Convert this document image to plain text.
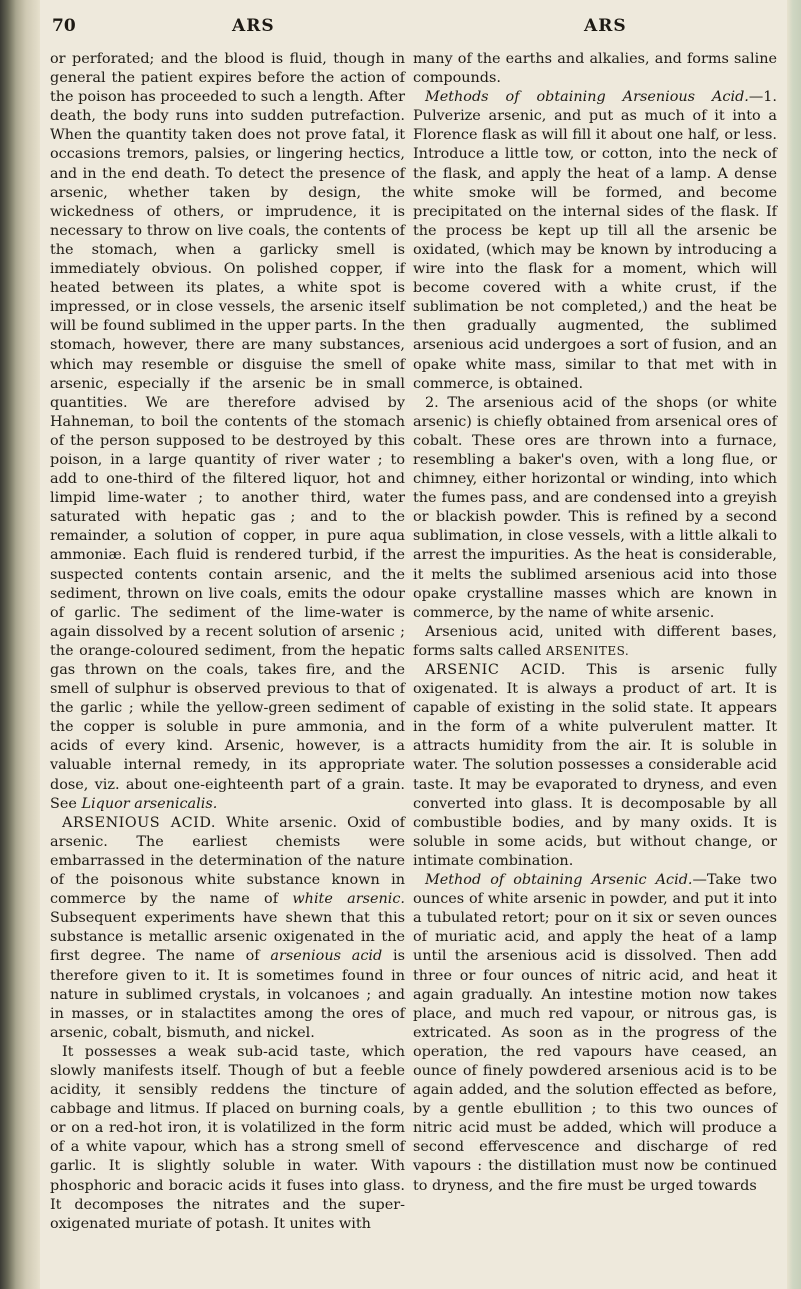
70	ARS	ARS

or perforated; and the blood is fluid, though in general the patient expires before the action of the poison has proceeded to such a length. After death, the body runs into sudden putrefaction. When the quantity taken does not prove fatal, it occasions tremors, palsies, or lingering hectics, and in the end death. To detect the presence of arsenic, whether taken by design, the wickedness of others, or imprudence, it is necessary to throw on live coals, the contents of the stomach, when a garlicky smell is immediately obvious. On polished copper, if heated between its plates, a white spot is impressed, or in close vessels, the arsenic itself will be found sublimed in the upper parts. In the stomach, however, there are many substances, which may resemble or disguise the smell of arsenic, especially if the arsenic be in small quantities. We are therefore advised by Hahneman, to boil the contents of the stomach of the person supposed to be destroyed by this poison, in a large quantity of river water ; to add to one-third of the filtered liquor, hot and limpid lime-water ; to another third, water saturated with hepatic gas ; and to the remainder, a solution of copper, in pure aqua ammoniæ. Each fluid is rendered turbid, if the suspected contents contain arsenic, and the sediment, thrown on live coals, emits the odour of garlic. The sediment of the lime-water is again dissolved by a recent solution of arsenic ; the orange-coloured sediment, from the hepatic gas thrown on the coals, takes fire, and the smell of sulphur is observed previous to that of the garlic ; while the yellow-green sediment of the copper is soluble in pure ammonia, and acids of every kind. Arsenic, however, is a valuable internal remedy, in its appropriate dose, viz. about one-eighteenth part of a grain. See Liquor arsenicalis.

ARSENIOUS ACID. White arsenic. Oxid of arsenic. The earliest chemists were embarrassed in the determination of the nature of the poisonous white substance known in commerce by the name of white arsenic. Subsequent experiments have shewn that this substance is metallic arsenic oxigenated in the first degree. The name of arsenious acid is therefore given to it. It is sometimes found in nature in sublimed crystals, in volcanoes ; and in masses, or in stalactites among the ores of arsenic, cobalt, bismuth, and nickel.

It possesses a weak sub-acid taste, which slowly manifests itself. Though of but a feeble acidity, it sensibly reddens the tincture of cabbage and litmus. If placed on burning coals, or on a red-hot iron, it is volatilized in the form of a white vapour, which has a strong smell of garlic. It is slightly soluble in water. With phosphoric and boracic acids it fuses into glass. It decomposes the nitrates and the super-oxigenated muriate of potash. It unites with

many of the earths and alkalies, and forms saline compounds.

Methods of obtaining Arsenious Acid.—1. Pulverize arsenic, and put as much of it into a Florence flask as will fill it about one half, or less. Introduce a little tow, or cotton, into the neck of the flask, and apply the heat of a lamp. A dense white smoke will be formed, and become precipitated on the internal sides of the flask. If the process be kept up till all the arsenic be oxidated, (which may be known by introducing a wire into the flask for a moment, which will become covered with a white crust, if the sublimation be not completed,) and the heat be then gradually augmented, the sublimed arsenious acid undergoes a sort of fusion, and an opake white mass, similar to that met with in commerce, is obtained.

2. The arsenious acid of the shops (or white arsenic) is chiefly obtained from arsenical ores of cobalt. These ores are thrown into a furnace, resembling a baker's oven, with a long flue, or chimney, either horizontal or winding, into which the fumes pass, and are condensed into a greyish or blackish powder. This is refined by a second sublimation, in close vessels, with a little alkali to arrest the impurities. As the heat is considerable, it melts the sublimed arsenious acid into those opake crystalline masses which are known in commerce, by the name of white arsenic.

Arsenious acid, united with different bases, forms salts called ARSENITES.

ARSENIC ACID. This is arsenic fully oxigenated. It is always a product of art. It is capable of existing in the solid state. It appears in the form of a white pulverulent matter. It attracts humidity from the air. It is soluble in water. The solution possesses a considerable acid taste. It may be evaporated to dryness, and even converted into glass. It is decomposable by all combustible bodies, and by many oxids. It is soluble in some acids, but without change, or intimate combination.

Method of obtaining Arsenic Acid.—Take two ounces of white arsenic in powder, and put it into a tubulated retort; pour on it six or seven ounces of muriatic acid, and apply the heat of a lamp until the arsenious acid is dissolved. Then add three or four ounces of nitric acid, and heat it again gradually. An intestine motion now takes place, and much red vapour, or nitrous gas, is extricated. As soon as in the progress of the operation, the red vapours have ceased, an ounce of finely powdered arsenious acid is to be again added, and the solution effected as before, by a gentle ebullition ; to this two ounces of nitric acid must be added, which will produce a second effervescence and discharge of red vapours : the distillation must now be continued to dryness, and the fire must be urged towards
